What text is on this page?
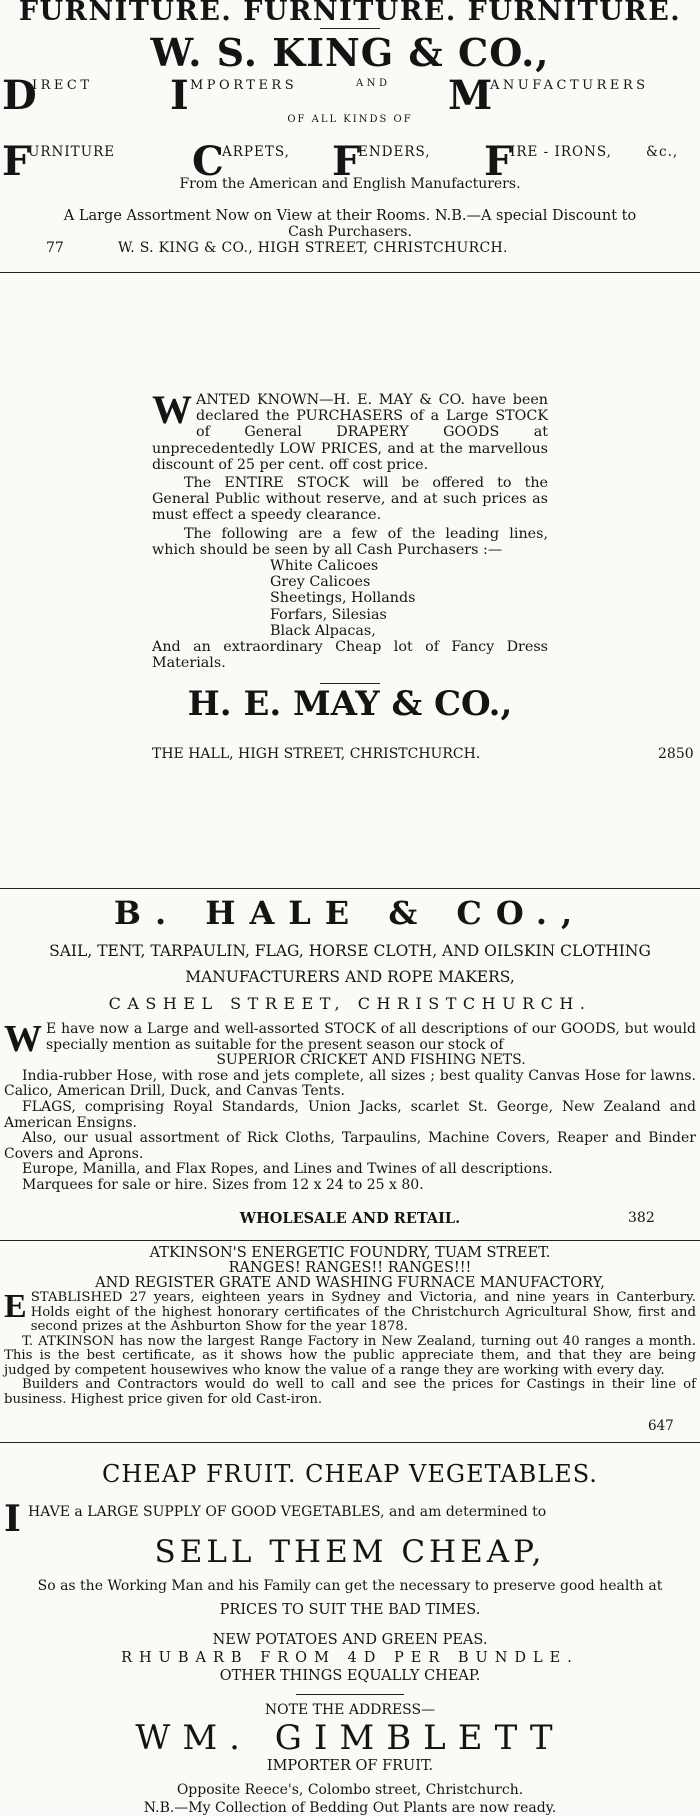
FURNITURE. FURNITURE. FURNITURE.
W. S. KING & CO.,
D
IRECT I MPORTERS	AND M
ANUFACTURERS
OF ALL KINDS OF
F
URNITURE C
ARPETS, F
ENDERS, F
IRE - IRONS,	&c.,
From the American and English Manufacturers.
A Large Assortment Now on View at their Rooms. N.B.—A special Discount to
Cash Purchasers.
77	W. S. KING & CO., HIGH STREET, CHRISTCHURCH.
WANTED KNOWN—H. E. MAY & CO. have been declared the PURCHASERS of a Large STOCK of General DRAPERY GOODS at unprecedentedly LOW PRICES, and at the marvellous discount of 25 per cent. off cost price.
The ENTIRE STOCK will be offered to the General Public without reserve, and at such prices as must effect a speedy clearance.
The following are a few of the leading lines, which should be seen by all Cash Purchasers :—
White Calicoes
Grey Calicoes
Sheetings, Hollands
Forfars, Silesias
Black Alpacas,
And an extraordinary Cheap lot of Fancy Dress Materials.
H. E. MAY & CO.,
THE HALL, HIGH STREET, CHRISTCHURCH.	2850
B. HALE & CO.,
SAIL, TENT, TARPAULIN, FLAG, HORSE CLOTH, AND OILSKIN CLOTHING
MANUFACTURERS AND ROPE MAKERS,
CASHEL STREET, CHRISTCHURCH.
W E have now a Large and well-assorted STOCK of all descriptions of our GOODS, but would specially mention as suitable for the present season our stock of
SUPERIOR CRICKET AND FISHING NETS.
India-rubber Hose, with rose and jets complete, all sizes ; best quality Canvas Hose for lawns. Calico, American Drill, Duck, and Canvas Tents.
FLAGS, comprising Royal Standards, Union Jacks, scarlet St. George, New Zealand and American Ensigns.
Also, our usual assortment of Rick Cloths, Tarpaulins, Machine Covers, Reaper and Binder Covers and Aprons.
Europe, Manilla, and Flax Ropes, and Lines and Twines of all descriptions.
Marquees for sale or hire. Sizes from 12 x 24 to 25 x 80.
WHOLESALE AND RETAIL.	382
ATKINSON'S ENERGETIC FOUNDRY, TUAM STREET.
RANGES! RANGES!! RANGES!!!
AND REGISTER GRATE AND WASHING FURNACE MANUFACTORY,
ESTABLISHED 27 years, eighteen years in Sydney and Victoria, and nine years in Canterbury. Holds eight of the highest honorary certificates of the Christchurch Agricultural Show, first and second prizes at the Ashburton Show for the year 1878.
T. ATKINSON has now the largest Range Factory in New Zealand, turning out 40 ranges a month. This is the best certificate, as it shows how the public appreciate them, and that they are being judged by competent housewives who know the value of a range they are working with every day.
Builders and Contractors would do well to call and see the prices for Castings in their line of business. Highest price given for old Cast-iron.
647
CHEAP FRUIT. CHEAP VEGETABLES.
I HAVE a LARGE SUPPLY OF GOOD VEGETABLES, and am determined to
SELL THEM CHEAP,
So as the Working Man and his Family can get the necessary to preserve good health at
PRICES TO SUIT THE BAD TIMES.
NEW POTATOES AND GREEN PEAS.
RHUBARB FROM 4D PER BUNDLE.
OTHER THINGS EQUALLY CHEAP.
NOTE THE ADDRESS—
WM. GIMBLETT
IMPORTER OF FRUIT.
Opposite Reece's, Colombo street, Christchurch.
N.B.—My Collection of Bedding Out Plants are now ready.
